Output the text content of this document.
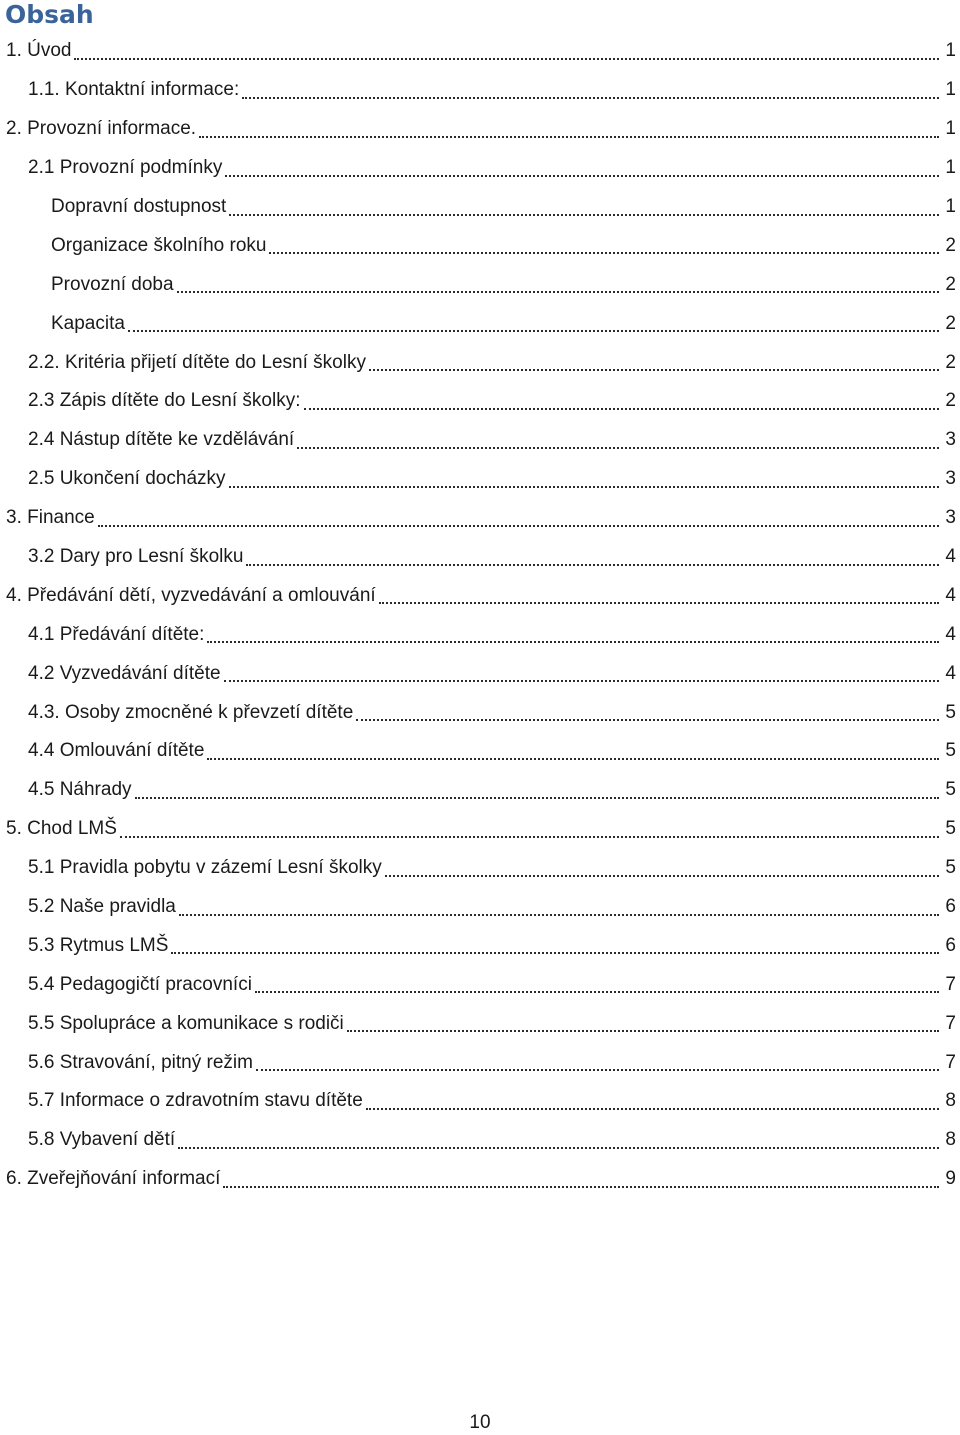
Obsah
1. Úvod	1
1.1. Kontaktní informace:	1
2. Provozní informace.	1
2.1 Provozní podmínky	1
Dopravní dostupnost	1
Organizace školního roku	2
Provozní doba	2
Kapacita	2
2.2. Kritéria přijetí dítěte do Lesní školky	2
2.3 Zápis dítěte do Lesní školky:	2
2.4 Nástup dítěte ke vzdělávání	3
2.5 Ukončení docházky	3
3. Finance	3
3.2 Dary pro Lesní školku	4
4. Předávání dětí, vyzvedávání a omlouvání	4
4.1 Předávání dítěte:	4
4.2 Vyzvedávání dítěte	4
4.3. Osoby zmocněné k převzetí dítěte	5
4.4 Omlouvání dítěte	5
4.5 Náhrady	5
5. Chod LMŠ	5
5.1 Pravidla pobytu v zázemí Lesní školky	5
5.2 Naše pravidla	6
5.3 Rytmus LMŠ	6
5.4 Pedagogičtí pracovníci	7
5.5 Spolupráce a komunikace s rodiči	7
5.6 Stravování, pitný režim	7
5.7 Informace o zdravotním stavu dítěte	8
5.8 Vybavení dětí	8
6. Zveřejňování informací	9
10
